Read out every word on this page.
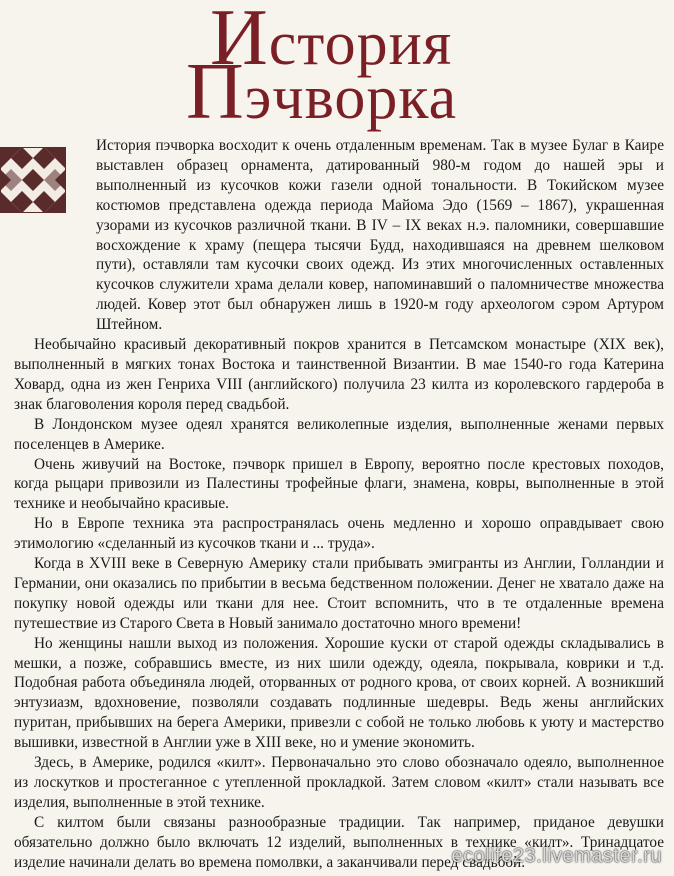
История
Пэчворка

История пэчворка восходит к очень отдаленным временам. Так в музее Булаг в Каире выставлен образец орнамента, датированный 980-м годом до нашей эры и выполненный из кусочков кожи газели одной тональности. В Токийском музее костюмов представлена одежда периода Майома Эдо (1569 – 1867), украшенная узорами из кусочков различной ткани. В IV – IX веках н.э. паломники, совершавшие восхождение к храму (пещера тысячи Будд, находившаяся на древнем шелковом пути), оставляли там кусочки своих одежд. Из этих многочисленных оставленных кусочков служители храма делали ковер, напоминавший о паломничестве множества людей. Ковер этот был обнаружен лишь в 1920-м году археологом сэром Артуром Штейном.

Необычайно красивый декоративный покров хранится в Петсамском монастыре (XIX век), выполненный в мягких тонах Востока и таинственной Византии. В мае 1540-го года Катерина Ховард, одна из жен Генриха VIII (английского) получила 23 килта из королевского гардероба в знак благоволения короля перед свадьбой.

В Лондонском музее одеял хранятся великолепные изделия, выполненные женами первых поселенцев в Америке.

Очень живучий на Востоке, пэчворк пришел в Европу, вероятно после крестовых походов, когда рыцари привозили из Палестины трофейные флаги, знамена, ковры, выполненные в этой технике и необычайно красивые.

Но в Европе техника эта распространялась очень медленно и хорошо оправдывает свою этимологию «сделанный из кусочков ткани и ... труда».

Когда в XVIII веке в Северную Америку стали прибывать эмигранты из Англии, Голландии и Германии, они оказались по прибытии в весьма бедственном положении. Денег не хватало даже на покупку новой одежды или ткани для нее. Стоит вспомнить, что в те отдаленные времена путешествие из Старого Света в Новый занимало достаточно много времени!

Но женщины нашли выход из положения. Хорошие куски от старой одежды складывались в мешки, а позже, собравшись вместе, из них шили одежду, одеяла, покрывала, коврики и т.д. Подобная работа объединяла людей, оторванных от родного крова, от своих корней. А возникший энтузиазм, вдохновение, позволяли создавать подлинные шедевры. Ведь жены английских пуритан, прибывших на берега Америки, привезли с собой не только любовь к уюту и мастерство вышивки, известной в Англии уже в XIII веке, но и умение экономить.

Здесь, в Америке, родился «килт». Первоначально это слово обозначало одеяло, выполненное из лоскутков и простеганное с утепленной прокладкой. Затем словом «килт» стали называть все изделия, выполненные в этой технике.

С килтом были связаны разнообразные традиции. Так например, приданое девушки обязательно должно было включать 12 изделий, выполненных в технике «килт». Тринадцатое изделие начинали делать во времена помолвки, а заканчивали перед свадьбой.

ecolife23.livemaster.ru
